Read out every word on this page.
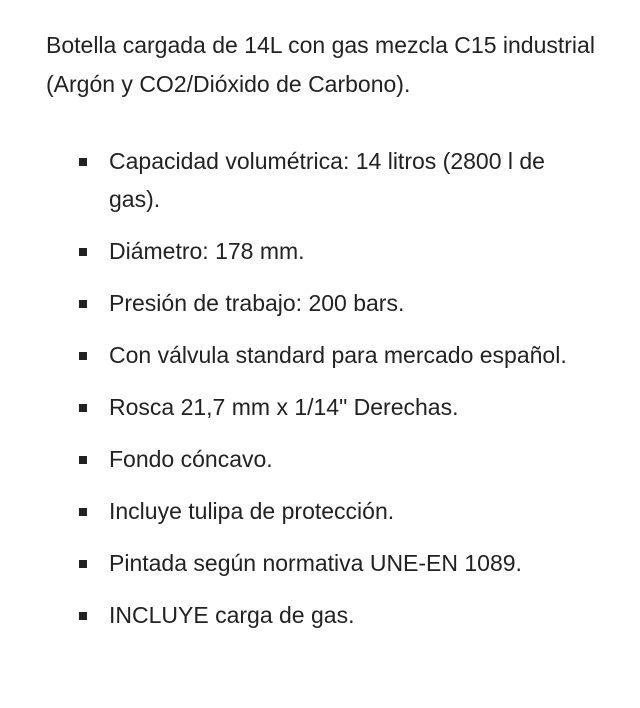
Botella cargada de 14L con gas mezcla C15 industrial (Argón y CO2/Dióxido de Carbono).

Capacidad volumétrica: 14 litros (2800 l de gas).
Diámetro: 178 mm.
Presión de trabajo: 200 bars.
Con válvula standard para mercado español.
Rosca 21,7 mm x 1/14" Derechas.
Fondo cóncavo.
Incluye tulipa de protección.
Pintada según normativa UNE-EN 1089.
INCLUYE carga de gas.
